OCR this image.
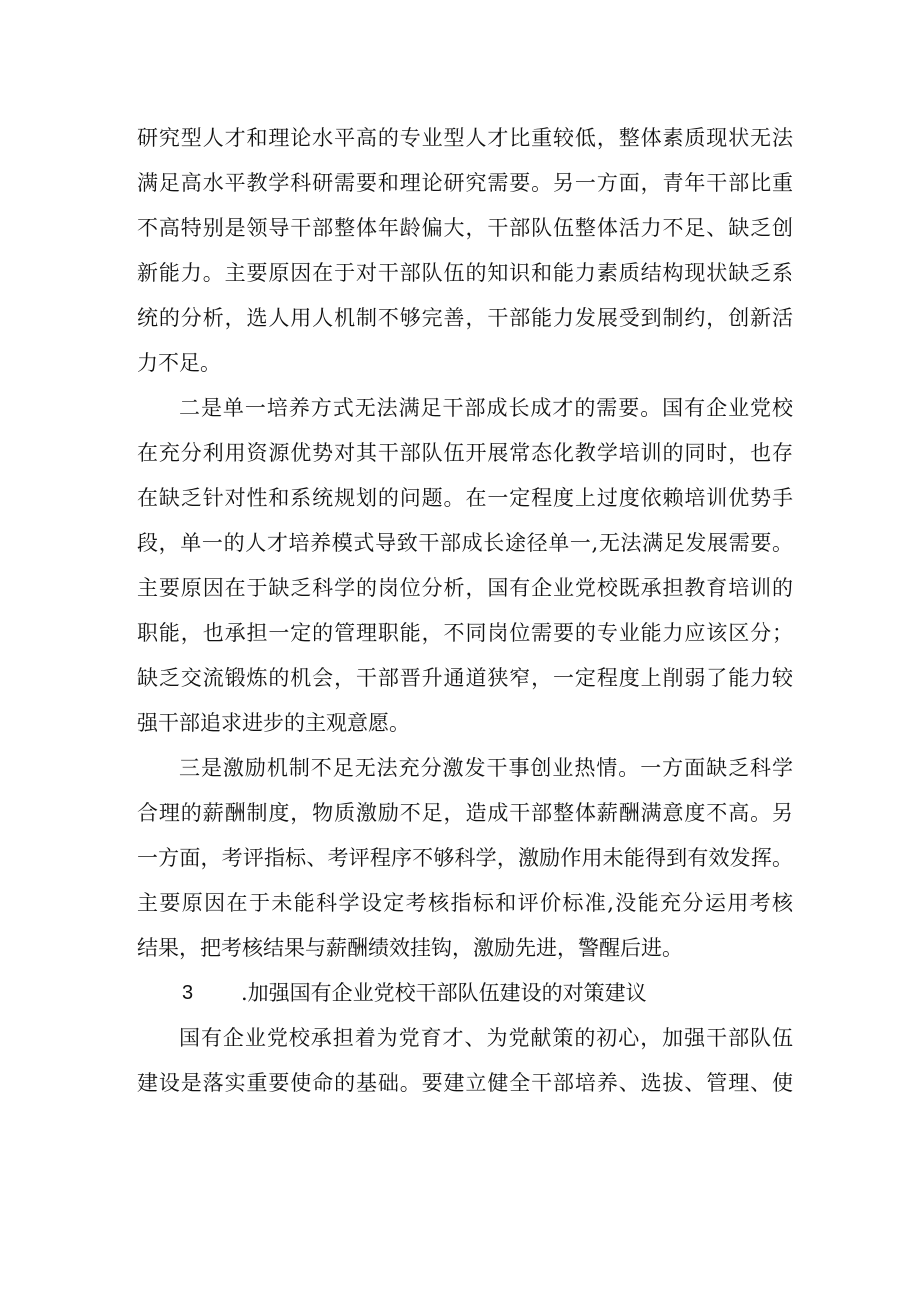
研究型人才和理论水平高的专业型人才比重较低，整体素质现状无法
满足高水平教学科研需要和理论研究需要。另一方面，青年干部比重
不高特别是领导干部整体年龄偏大，干部队伍整体活力不足、缺乏创
新能力。主要原因在于对干部队伍的知识和能力素质结构现状缺乏系
统的分析，选人用人机制不够完善，干部能力发展受到制约，创新活
力不足。
二是单一培养方式无法满足干部成长成才的需要。国有企业党校
在充分利用资源优势对其干部队伍开展常态化教学培训的同时，也存
在缺乏针对性和系统规划的问题。在一定程度上过度依赖培训优势手
段，单一的人才培养模式导致干部成长途径单一,无法满足发展需要。
主要原因在于缺乏科学的岗位分析，国有企业党校既承担教育培训的
职能，也承担一定的管理职能，不同岗位需要的专业能力应该区分；
缺乏交流锻炼的机会，干部晋升通道狭窄，一定程度上削弱了能力较
强干部追求进步的主观意愿。
三是激励机制不足无法充分激发干事创业热情。一方面缺乏科学
合理的薪酬制度，物质激励不足，造成干部整体薪酬满意度不高。另
一方面，考评指标、考评程序不够科学，激励作用未能得到有效发挥。
主要原因在于未能科学设定考核指标和评价标准,没能充分运用考核
结果，把考核结果与薪酬绩效挂钩，激励先进，警醒后进。
3 .加强国有企业党校干部队伍建设的对策建议
国有企业党校承担着为党育才、为党献策的初心，加强干部队伍
建设是落实重要使命的基础。要建立健全干部培养、选拔、管理、使
